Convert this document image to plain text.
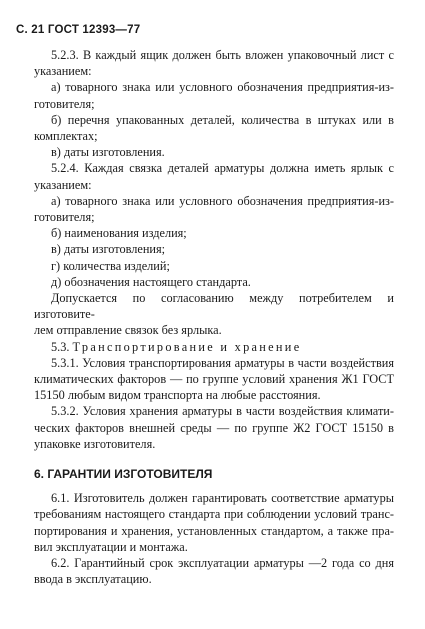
С. 21 ГОСТ 12393—77

5.2.3. В каждый ящик должен быть вложен упаковочный лист с

указанием:

а) товарного знака или условного обозначения предприятия-из-

готовителя;

б) перечня упакованных деталей, количества в штуках или в

комплектах;

в) даты изготовления.

5.2.4. Каждая связка деталей арматуры должна иметь ярлык с

указанием:

а) товарного знака или условного обозначения предприятия-из-

готовителя;

б) наименования изделия;

в) даты изготовления;

г) количества изделий;

д) обозначения настоящего стандарта.

Допускается по согласованию между потребителем и изготовите-

лем отправление связок без ярлыка.

5.3. Транспортирование и хранение

5.3.1. Условия транспортирования арматуры в части воздействия

климатических факторов — по группе условий хранения Ж1 ГОСТ

15150 любым видом транспорта на любые расстояния.

5.3.2. Условия хранения арматуры в части воздействия климати-

ческих факторов внешней среды — по группе Ж2 ГОСТ 15150 в

упаковке изготовителя.

6. ГАРАНТИИ ИЗГОТОВИТЕЛЯ

6.1. Изготовитель должен гарантировать соответствие арматуры

требованиям настоящего стандарта при соблюдении условий транс-

портирования и хранения, установленных стандартом, а также пра-

вил эксплуатации и монтажа.

6.2. Гарантийный срок эксплуатации арматуры —2 года со дня

ввода в эксплуатацию.
